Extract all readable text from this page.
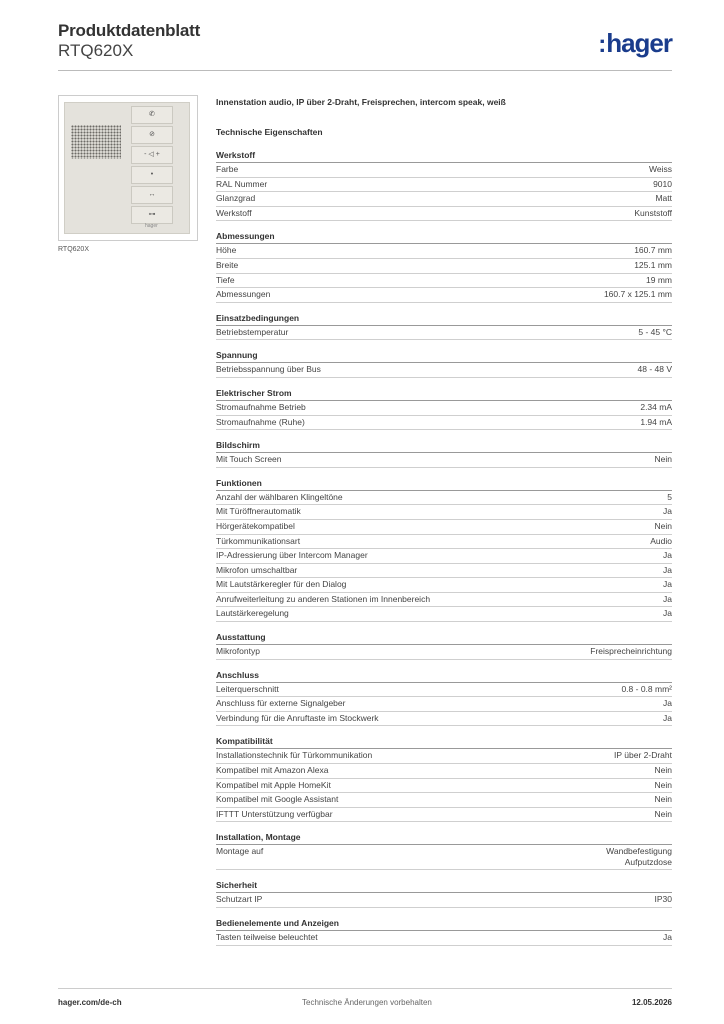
Produktdatenblatt
RTQ620X	:hager
✆
⊘
- ◁ +
•
↔
⊶
hager
RTQ620X
Innenstation audio, IP über 2-Draht, Freisprechen, intercom speak, weiß
Technische Eigenschaften
Werkstoff
Farbe	Weiss
RAL Nummer	9010
Glanzgrad	Matt
Werkstoff	Kunststoff
Abmessungen
Höhe	160.7 mm
Breite	125.1 mm
Tiefe	19 mm
Abmessungen	160.7 x 125.1 mm
Einsatzbedingungen
Betriebstemperatur	5 - 45 °C
Spannung
Betriebsspannung über Bus	48 - 48 V
Elektrischer Strom
Stromaufnahme Betrieb	2.34 mA
Stromaufnahme (Ruhe)	1.94 mA
Bildschirm
Mit Touch Screen	Nein
Funktionen
Anzahl der wählbaren Klingeltöne	5
Mit Türöffnerautomatik	Ja
Hörgerätekompatibel	Nein
Türkommunikationsart	Audio
IP-Adressierung über Intercom Manager	Ja
Mikrofon umschaltbar	Ja
Mit Lautstärkeregler für den Dialog	Ja
Anrufweiterleitung zu anderen Stationen im Innenbereich	Ja
Lautstärkeregelung	Ja
Ausstattung
Mikrofontyp	Freisprecheinrichtung
Anschluss
Leiterquerschnitt	0.8 - 0.8 mm²
Anschluss für externe Signalgeber	Ja
Verbindung für die Anruftaste im Stockwerk	Ja
Kompatibilität
Installationstechnik für Türkommunikation	IP über 2-Draht
Kompatibel mit Amazon Alexa	Nein
Kompatibel mit Apple HomeKit	Nein
Kompatibel mit Google Assistant	Nein
IFTTT Unterstützung verfügbar	Nein
Installation, Montage
Montage auf	Wandbefestigung
Aufputzdose
Sicherheit
Schutzart IP	IP30
Bedienelemente und Anzeigen
Tasten teilweise beleuchtet	Ja
hager.com/de-ch	Technische Änderungen vorbehalten	12.05.2026
